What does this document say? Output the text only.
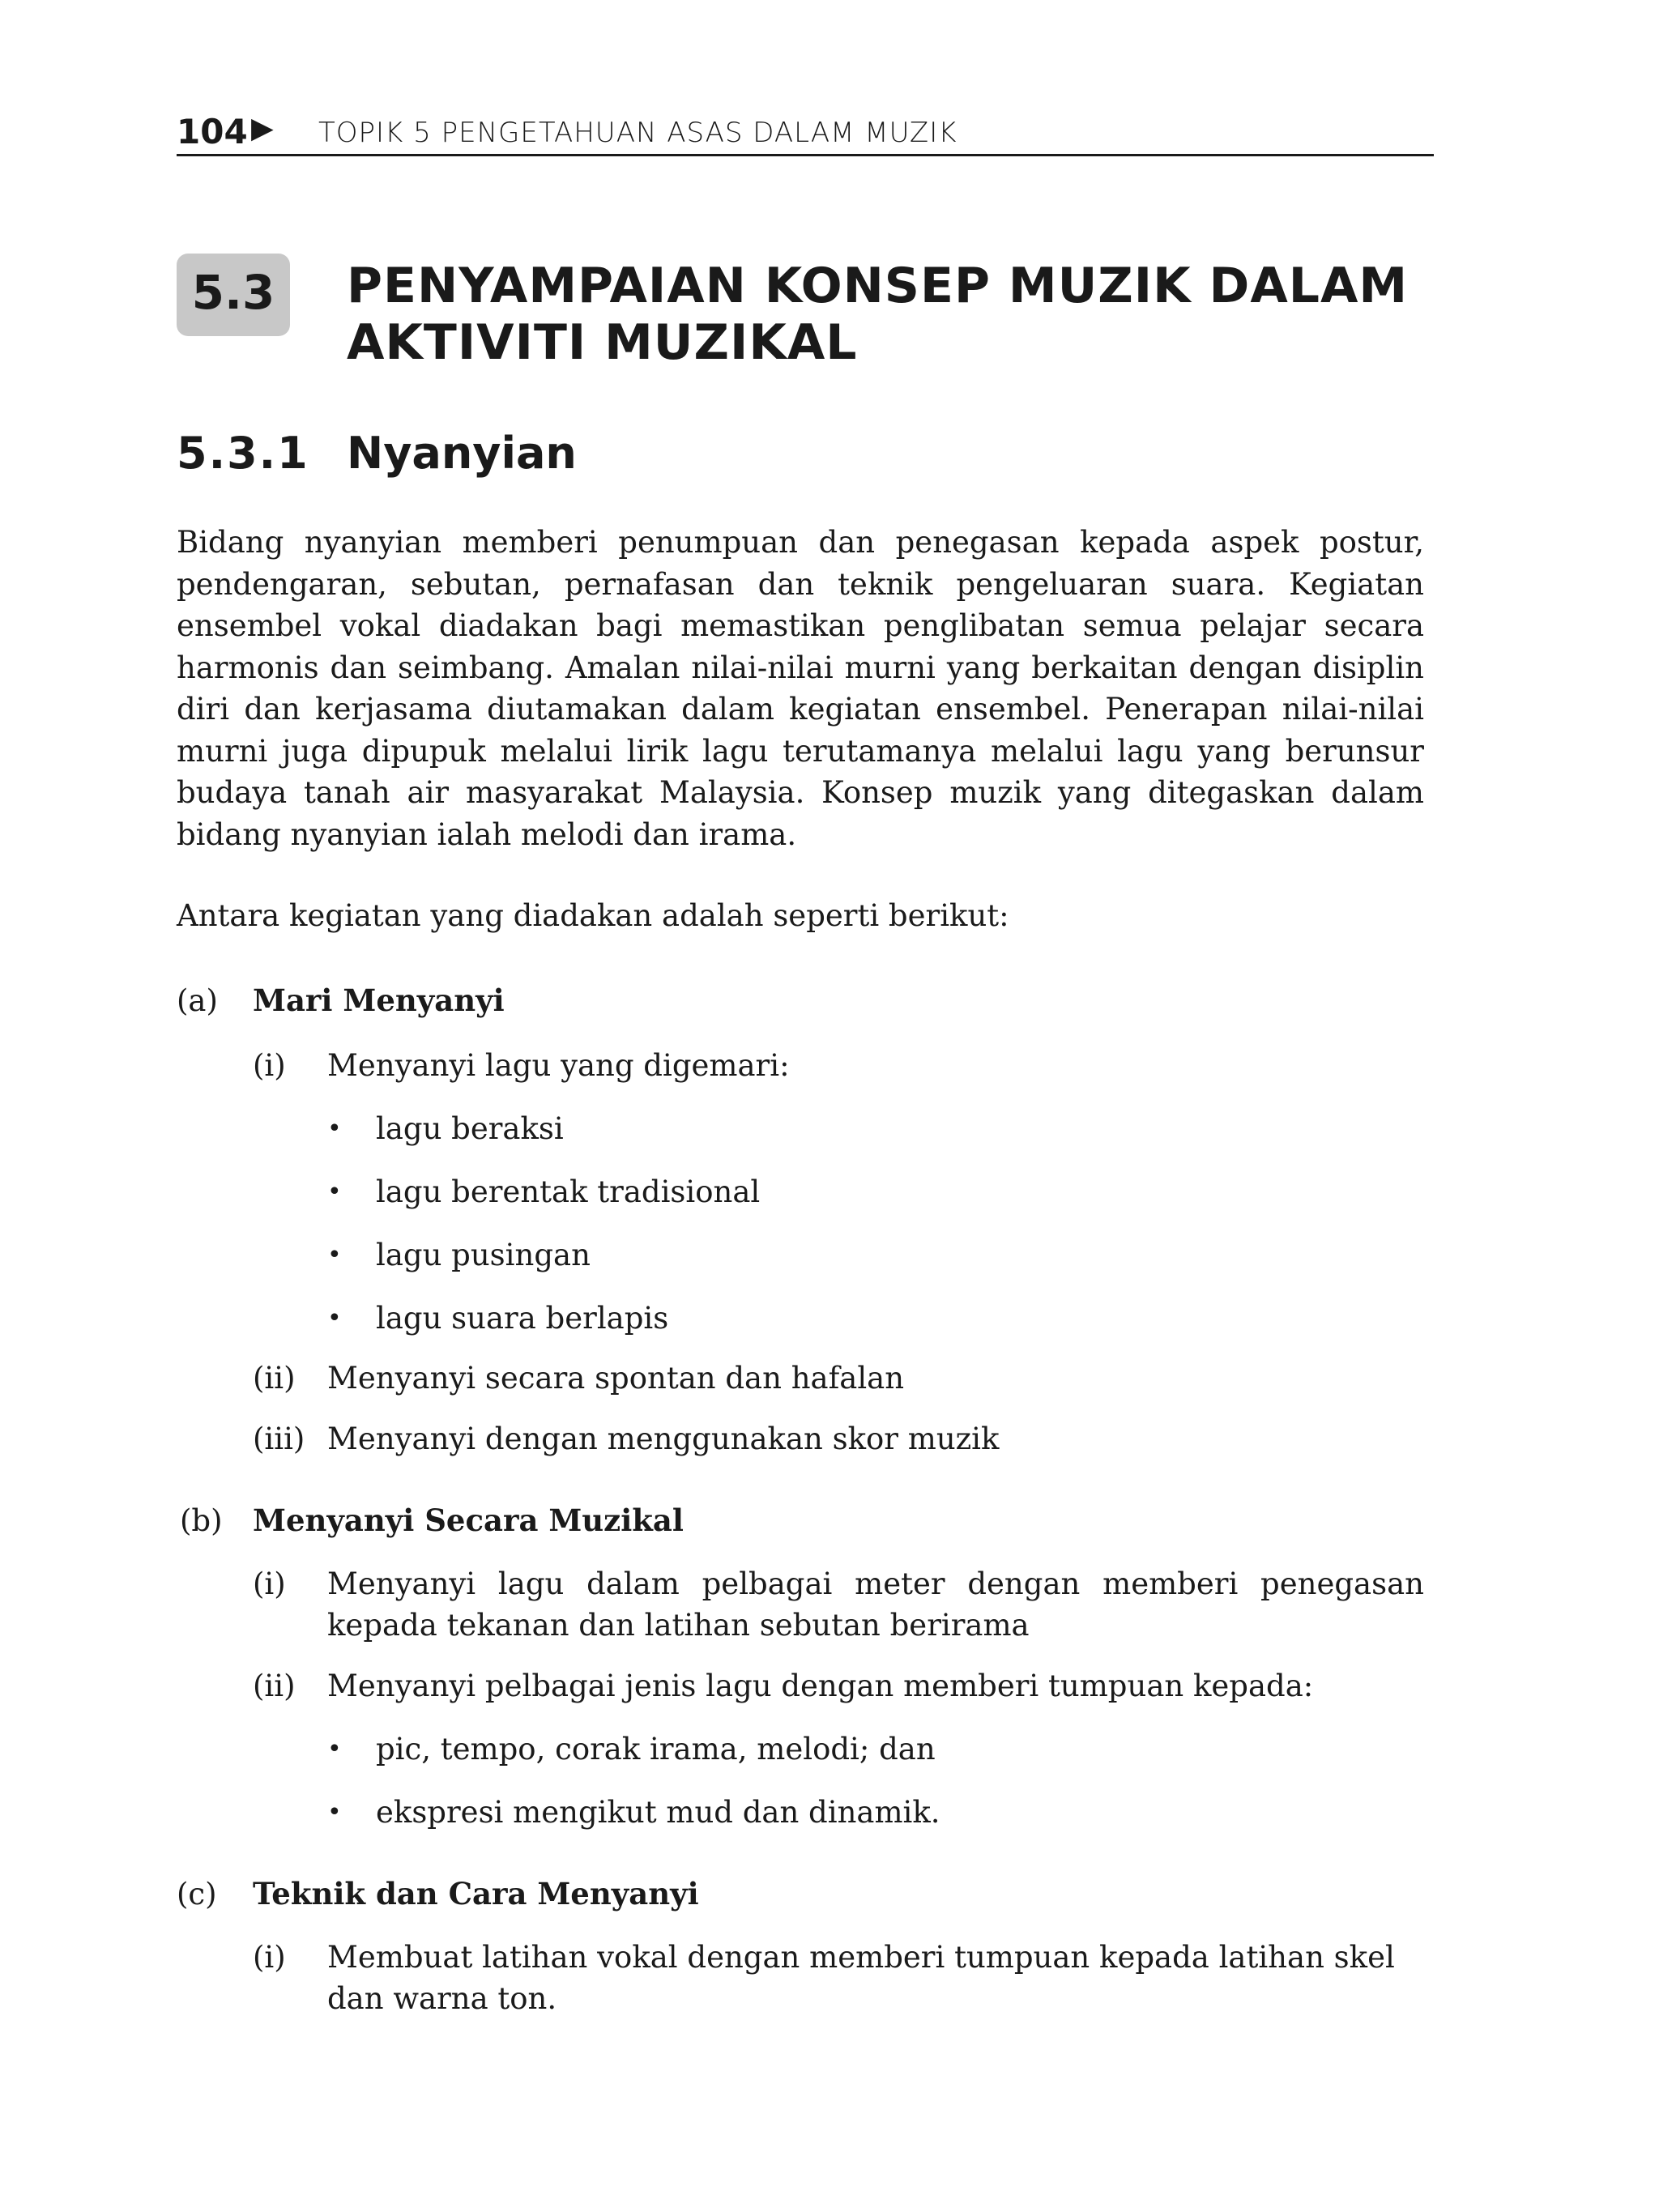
104 ▶ TOPIK 5 PENGETAHUAN ASAS DALAM MUZIK
5.3	PENYAMPAIAN KONSEP MUZIK DALAM
AKTIVITI MUZIKAL
5.3.1 Nyanyian

Bidang nyanyian memberi penumpuan dan penegasan kepada aspek postur, pendengaran, sebutan, pernafasan dan teknik pengeluaran suara. Kegiatan ensembel vokal diadakan bagi memastikan penglibatan semua pelajar secara harmonis dan seimbang. Amalan nilai-nilai murni yang berkaitan dengan disiplin diri dan kerjasama diutamakan dalam kegiatan ensembel. Penerapan nilai-nilai murni juga dipupuk melalui lirik lagu terutamanya melalui lagu yang berunsur budaya tanah air masyarakat Malaysia. Konsep muzik yang ditegaskan dalam bidang nyanyian ialah melodi dan irama.

Antara kegiatan yang diadakan adalah seperti berikut:
(a) Mari Menyanyi
(i) Menyanyi lagu yang digemari:
• lagu beraksi
• lagu berentak tradisional
• lagu pusingan
• lagu suara berlapis
(ii) Menyanyi secara spontan dan hafalan
(iii) Menyanyi dengan menggunakan skor muzik
(b) Menyanyi Secara Muzikal
(i) Menyanyi lagu dalam pelbagai meter dengan memberi penegasan kepada tekanan dan latihan sebutan berirama
(ii) Menyanyi pelbagai jenis lagu dengan memberi tumpuan kepada:
• pic, tempo, corak irama, melodi; dan
• ekspresi mengikut mud dan dinamik.
(c) Teknik dan Cara Menyanyi
(i) Membuat latihan vokal dengan memberi tumpuan kepada latihan skel dan warna ton.
